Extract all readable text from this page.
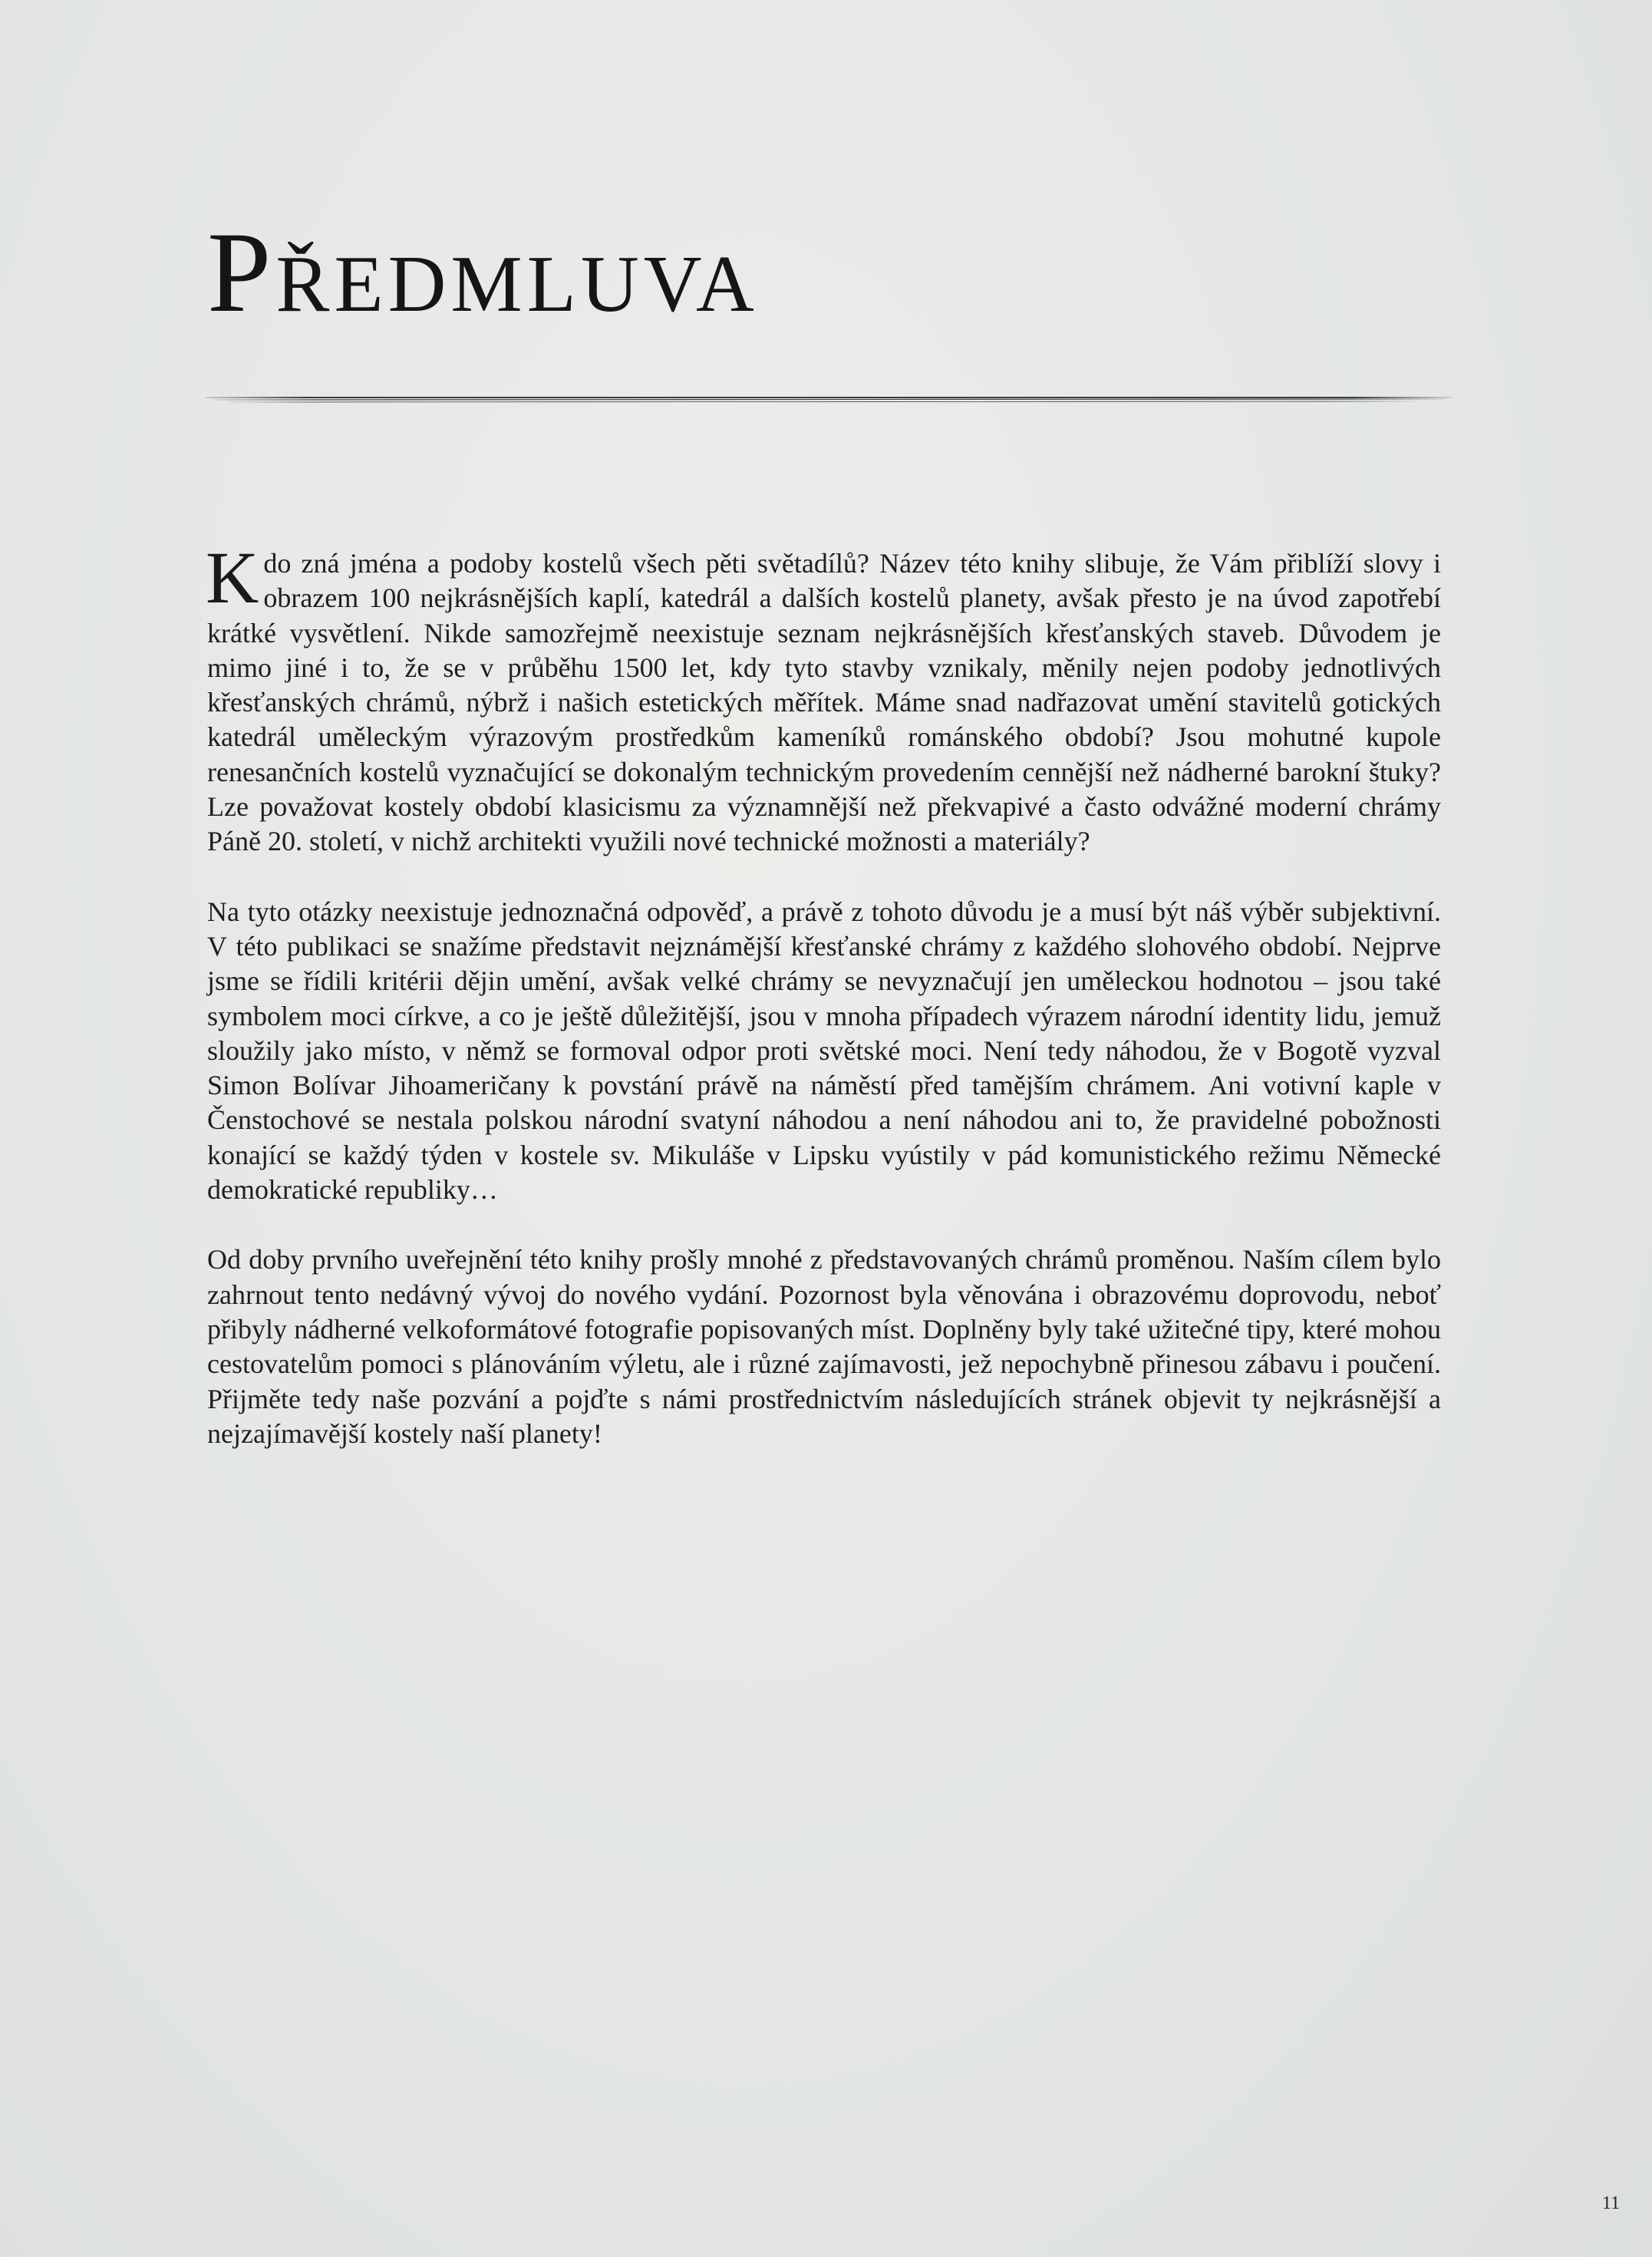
Předmluva

Kdo zná jména a podoby kostelů všech pěti světadílů? Název této knihy slibuje, že Vám přiblíží slovy i obrazem 100 nejkrásnějších kaplí, katedrál a dalších kostelů planety, avšak přesto je na úvod zapotřebí krátké vysvětlení. Nikde samozřejmě neexistuje seznam nejkrásnějších křesťanských staveb. Důvodem je mimo jiné i to, že se v průběhu 1500 let, kdy tyto stavby vznikaly, měnily nejen podoby jednotlivých křesťanských chrámů, nýbrž i našich estetických měřítek. Máme snad nadřazovat umění stavitelů gotických katedrál uměleckým výrazovým prostředkům kameníků románského období? Jsou mohutné kupole renesančních kostelů vyznačující se dokonalým technickým provedením cennější než nádherné barokní štuky? Lze považovat kostely období klasicismu za významnější než překvapivé a často odvážné moderní chrámy Páně 20. století, v nichž architekti využili nové technické možnosti a materiály?

Na tyto otázky neexistuje jednoznačná odpověď, a právě z tohoto důvodu je a musí být náš výběr subjektivní. V této publikaci se snažíme představit nejznámější křesťanské chrámy z každého slohového období. Nejprve jsme se řídili kritérii dějin umění, avšak velké chrámy se nevyznačují jen uměleckou hodnotou – jsou také symbolem moci církve, a co je ještě důležitější, jsou v mnoha případech výrazem národní identity lidu, jemuž sloužily jako místo, v němž se formoval odpor proti světské moci. Není tedy náhodou, že v Bogotě vyzval Simon Bolívar Jihoameričany k povstání právě na náměstí před tamějším chrámem. Ani votivní kaple v Čenstochové se nestala polskou národní svatyní náhodou a není náhodou ani to, že pravidelné pobožnosti konající se každý týden v kostele sv. Mikuláše v Lipsku vyústily v pád komunistického režimu Německé demokratické republiky…

Od doby prvního uveřejnění této knihy prošly mnohé z představovaných chrámů proměnou. Naším cílem bylo zahrnout tento nedávný vývoj do nového vydání. Pozornost byla věnována i obrazovému doprovodu, neboť přibyly nádherné velkoformátové fotografie popisovaných míst. Doplněny byly také užitečné tipy, které mohou cestovatelům pomoci s plánováním výletu, ale i různé zajímavosti, jež nepochybně přinesou zábavu i poučení. Přijměte tedy naše pozvání a pojďte s námi prostřednictvím následujících stránek objevit ty nejkrásnější a nejzajímavější kostely naší planety!

11
